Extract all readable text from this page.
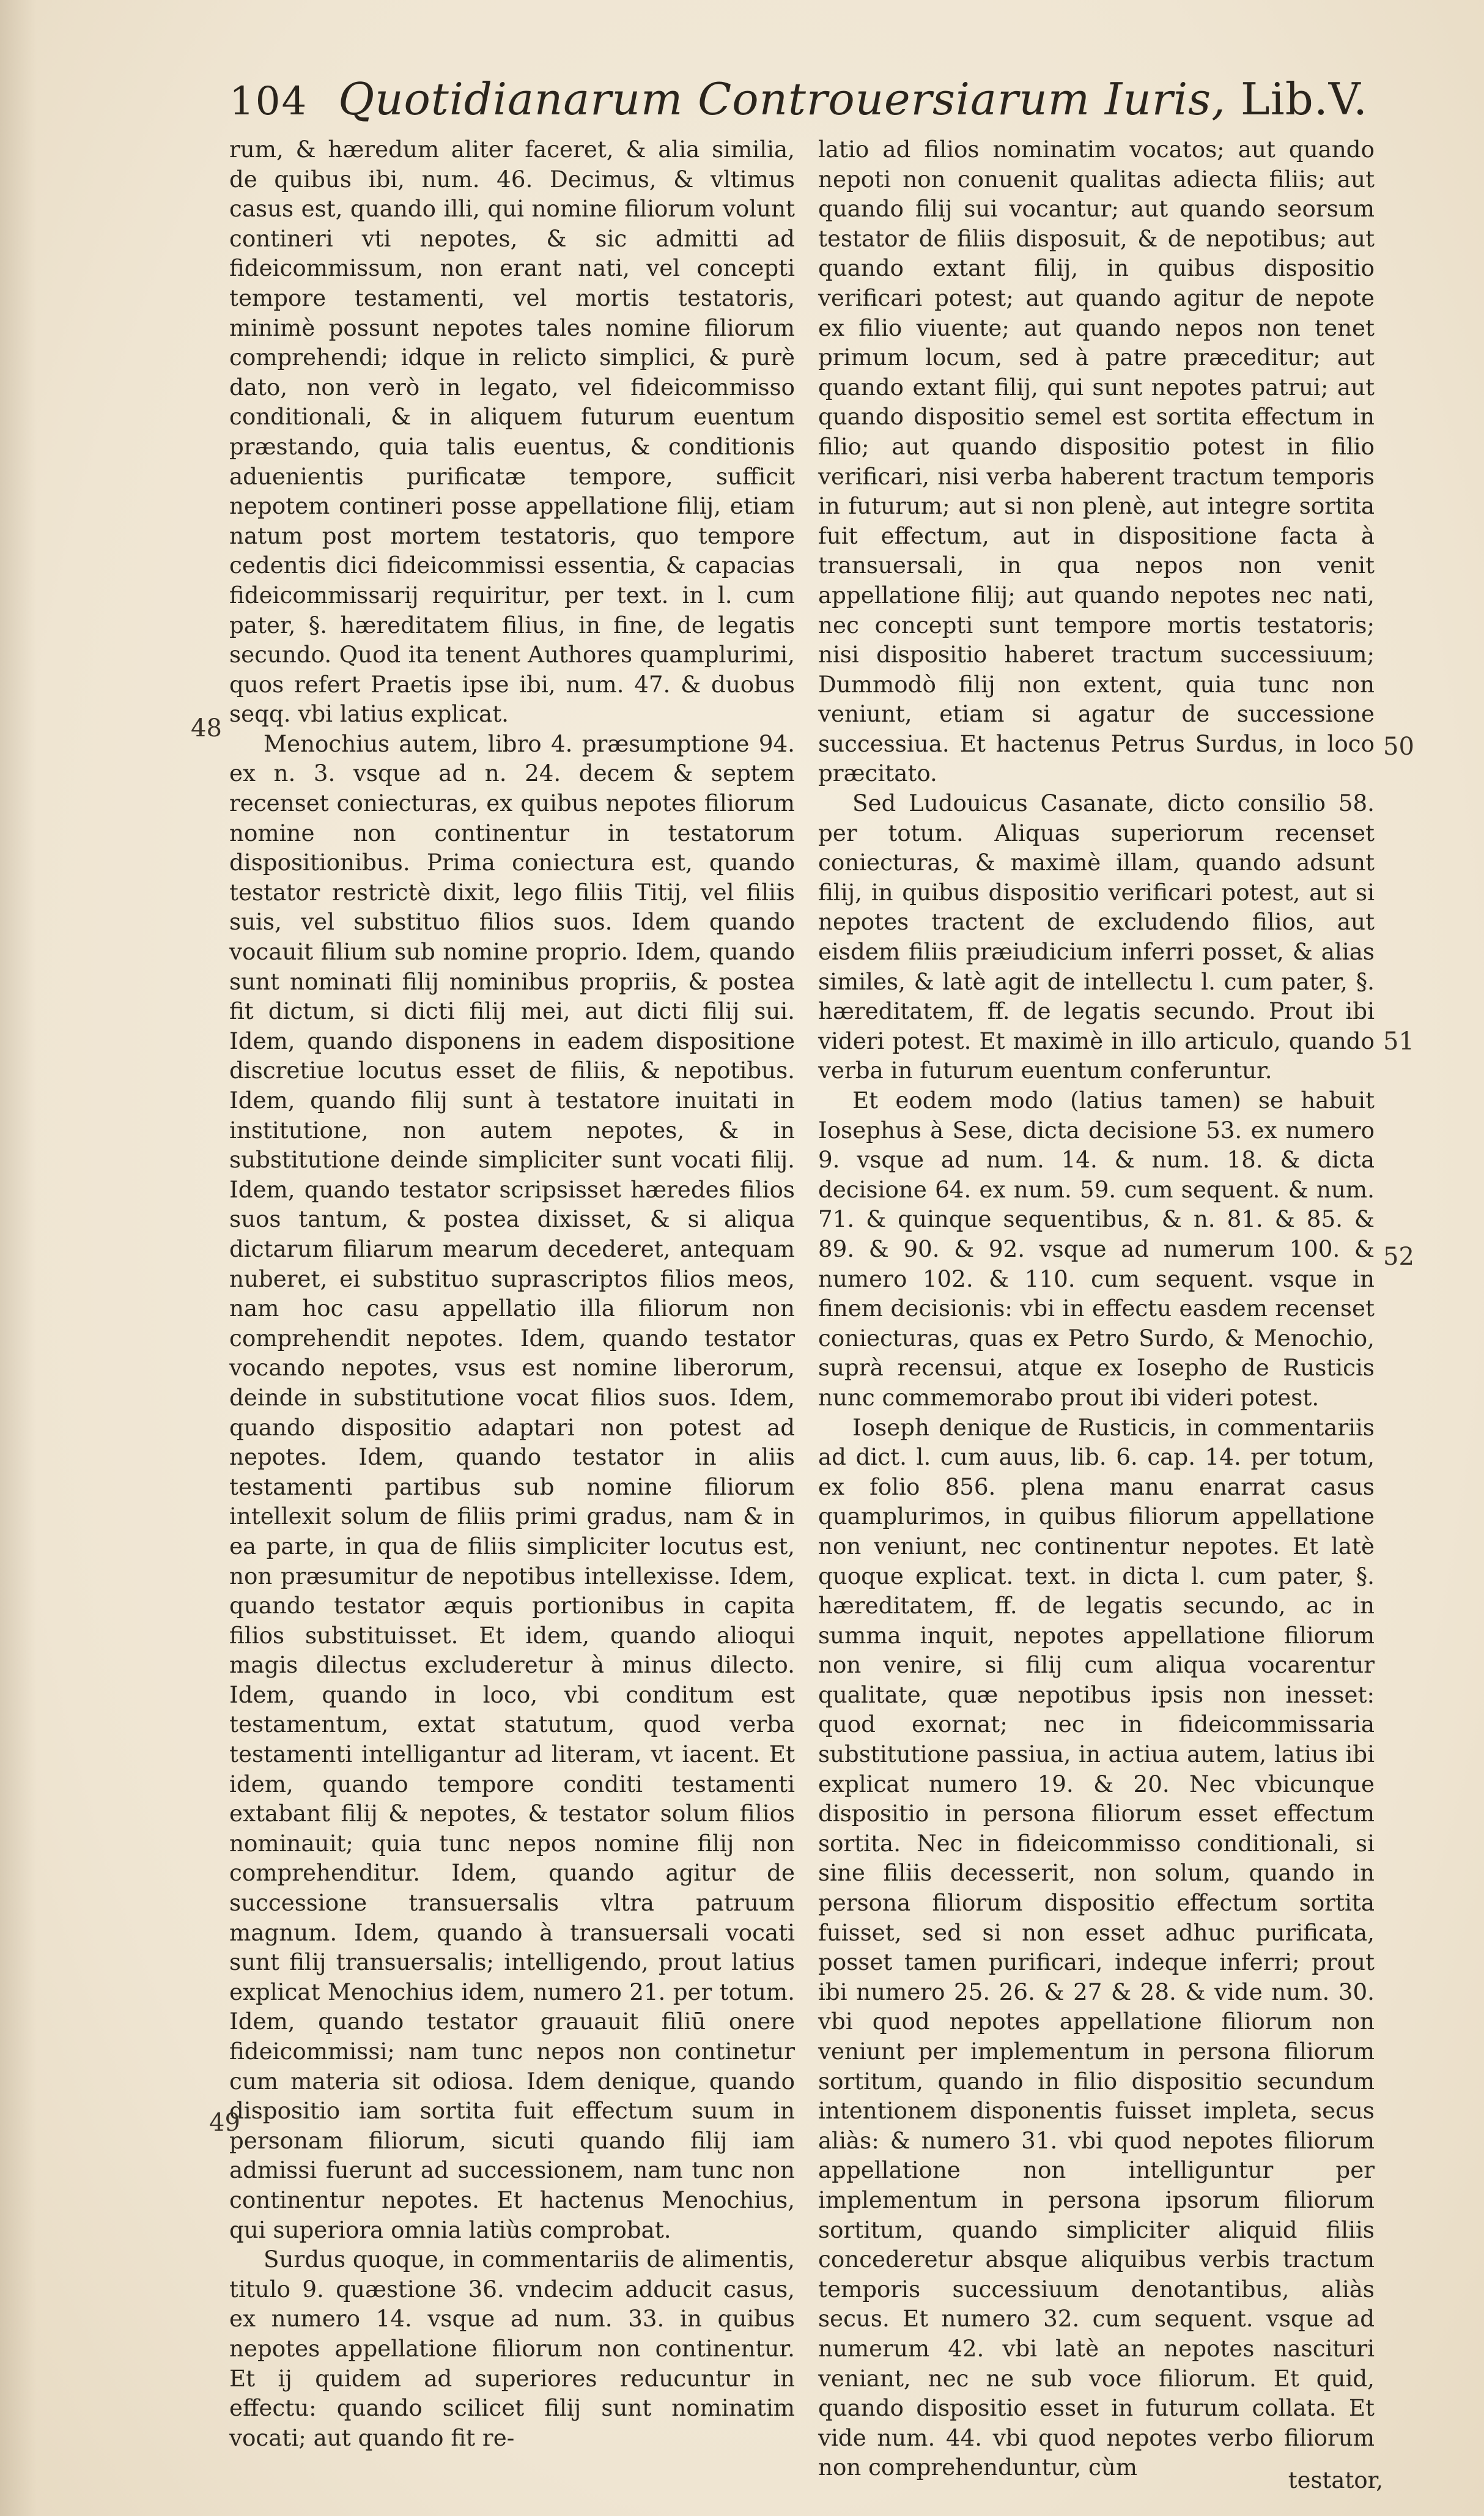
104 Quotidianarum Controuersiarum Iuris, Lib.V.

rum, & hæredum aliter faceret, & alia similia, de quibus ibi, num. 46. Decimus, & vltimus casus est, quando illi, qui nomine filiorum volunt contineri vti nepotes, & sic admitti ad fideicommissum, non erant nati, vel concepti tempore testamenti, vel mortis testatoris, minimè possunt nepotes tales nomine filiorum comprehendi; idque in relicto simplici, & purè dato, non verò in legato, vel fideicommisso conditionali, & in aliquem futurum euentum præstando, quia talis euentus, & conditionis aduenientis purificatæ tempore, sufficit nepotem contineri posse appellatione filij, etiam natum post mortem testatoris, quo tempore cedentis dici fideicommissi essentia, & capacias fideicommissarij requiritur, per text. in l. cum pater, §. hæreditatem filius, in fine, de legatis secundo. Quod ita tenent Authores quamplurimi, quos refert Praetis ipse ibi, num. 47. & duobus seqq. vbi latius explicat.

Menochius autem, libro 4. præsumptione 94. ex n. 3. vsque ad n. 24. decem & septem recenset coniecturas, ex quibus nepotes filiorum nomine non continentur in testatorum dispositionibus. Prima coniectura est, quando testator restrictè dixit, lego filiis Titij, vel filiis suis, vel substituo filios suos. Idem quando vocauit filium sub nomine proprio. Idem, quando sunt nominati filij nominibus propriis, & postea fit dictum, si dicti filij mei, aut dicti filij sui. Idem, quando disponens in eadem dispositione discretiue locutus esset de filiis, & nepotibus. Idem, quando filij sunt à testatore inuitati in institutione, non autem nepotes, & in substitutione deinde simpliciter sunt vocati filij. Idem, quando testator scripsisset hæredes filios suos tantum, & postea dixisset, & si aliqua dictarum filiarum mearum decederet, antequam nuberet, ei substituo suprascriptos filios meos, nam hoc casu appellatio illa filiorum non comprehendit nepotes. Idem, quando testator vocando nepotes, vsus est nomine liberorum, deinde in substitutione vocat filios suos. Idem, quando dispositio adaptari non potest ad nepotes. Idem, quando testator in aliis testamenti partibus sub nomine filiorum intellexit solum de filiis primi gradus, nam & in ea parte, in qua de filiis simpliciter locutus est, non præsumitur de nepotibus intellexisse. Idem, quando testator æquis portionibus in capita filios substituisset. Et idem, quando alioqui magis dilectus excluderetur à minus dilecto. Idem, quando in loco, vbi conditum est testamentum, extat statutum, quod verba testamenti intelligantur ad literam, vt iacent. Et idem, quando tempore conditi testamenti extabant filij & nepotes, & testator solum filios nominauit; quia tunc nepos nomine filij non comprehenditur. Idem, quando agitur de successione transuersalis vltra patruum magnum. Idem, quando à transuersali vocati sunt filij transuersalis; intelligendo, prout latius explicat Menochius idem, numero 21. per totum. Idem, quando testator grauauit filiū onere fideicommissi; nam tunc nepos non continetur cum materia sit odiosa. Idem denique, quando dispositio iam sortita fuit effectum suum in personam filiorum, sicuti quando filij iam admissi fuerunt ad successionem, nam tunc non continentur nepotes. Et hactenus Menochius, qui superiora omnia latiùs comprobat.

Surdus quoque, in commentariis de alimentis, titulo 9. quæstione 36. vndecim adducit casus, ex numero 14. vsque ad num. 33. in quibus nepotes appellatione filiorum non continentur. Et ij quidem ad superiores reducuntur in effectu: quando scilicet filij sunt nominatim vocati; aut quando fit re-

latio ad filios nominatim vocatos; aut quando nepoti non conuenit qualitas adiecta filiis; aut quando filij sui vocantur; aut quando seorsum testator de filiis disposuit, & de nepotibus; aut quando extant filij, in quibus dispositio verificari potest; aut quando agitur de nepote ex filio viuente; aut quando nepos non tenet primum locum, sed à patre præceditur; aut quando extant filij, qui sunt nepotes patrui; aut quando dispositio semel est sortita effectum in filio; aut quando dispositio potest in filio verificari, nisi verba haberent tractum temporis in futurum; aut si non plenè, aut integre sortita fuit effectum, aut in dispositione facta à transuersali, in qua nepos non venit appellatione filij; aut quando nepotes nec nati, nec concepti sunt tempore mortis testatoris; nisi dispositio haberet tractum successiuum; Dummodò filij non extent, quia tunc non veniunt, etiam si agatur de successione successiua. Et hactenus Petrus Surdus, in loco præcitato.

Sed Ludouicus Casanate, dicto consilio 58. per totum. Aliquas superiorum recenset coniecturas, & maximè illam, quando adsunt filij, in quibus dispositio verificari potest, aut si nepotes tractent de excludendo filios, aut eisdem filiis præiudicium inferri posset, & alias similes, & latè agit de intellectu l. cum pater, §. hæreditatem, ff. de legatis secundo. Prout ibi videri potest. Et maximè in illo articulo, quando verba in futurum euentum conferuntur.

Et eodem modo (latius tamen) se habuit Iosephus à Sese, dicta decisione 53. ex numero 9. vsque ad num. 14. & num. 18. & dicta decisione 64. ex num. 59. cum sequent. & num. 71. & quinque sequentibus, & n. 81. & 85. & 89. & 90. & 92. vsque ad numerum 100. & numero 102. & 110. cum sequent. vsque in finem decisionis: vbi in effectu easdem recenset coniecturas, quas ex Petro Surdo, & Menochio, suprà recensui, atque ex Iosepho de Rusticis nunc commemorabo prout ibi videri potest.

Ioseph denique de Rusticis, in commentariis ad dict. l. cum auus, lib. 6. cap. 14. per totum, ex folio 856. plena manu enarrat casus quamplurimos, in quibus filiorum appellatione non veniunt, nec continentur nepotes. Et latè quoque explicat. text. in dicta l. cum pater, §. hæreditatem, ff. de legatis secundo, ac in summa inquit, nepotes appellatione filiorum non venire, si filij cum aliqua vocarentur qualitate, quæ nepotibus ipsis non inesset: quod exornat; nec in fideicommissaria substitutione passiua, in actiua autem, latius ibi explicat numero 19. & 20. Nec vbicunque dispositio in persona filiorum esset effectum sortita. Nec in fideicommisso conditionali, si sine filiis decesserit, non solum, quando in persona filiorum dispositio effectum sortita fuisset, sed si non esset adhuc purificata, posset tamen purificari, indeque inferri; prout ibi numero 25. 26. & 27 & 28. & vide num. 30. vbi quod nepotes appellatione filiorum non veniunt per implementum in persona filiorum sortitum, quando in filio dispositio secundum intentionem disponentis fuisset impleta, secus aliàs: & numero 31. vbi quod nepotes filiorum appellatione non intelliguntur per implementum in persona ipsorum filiorum sortitum, quando simpliciter aliquid filiis concederetur absque aliquibus verbis tractum temporis successiuum denotantibus, aliàs secus. Et numero 32. cum sequent. vsque ad numerum 42. vbi latè an nepotes nascituri veniant, nec ne sub voce filiorum. Et quid, quando dispositio esset in futurum collata. Et vide num. 44. vbi quod nepotes verbo filiorum non comprehenduntur, cùm

48
49
50
51
52
testator,
